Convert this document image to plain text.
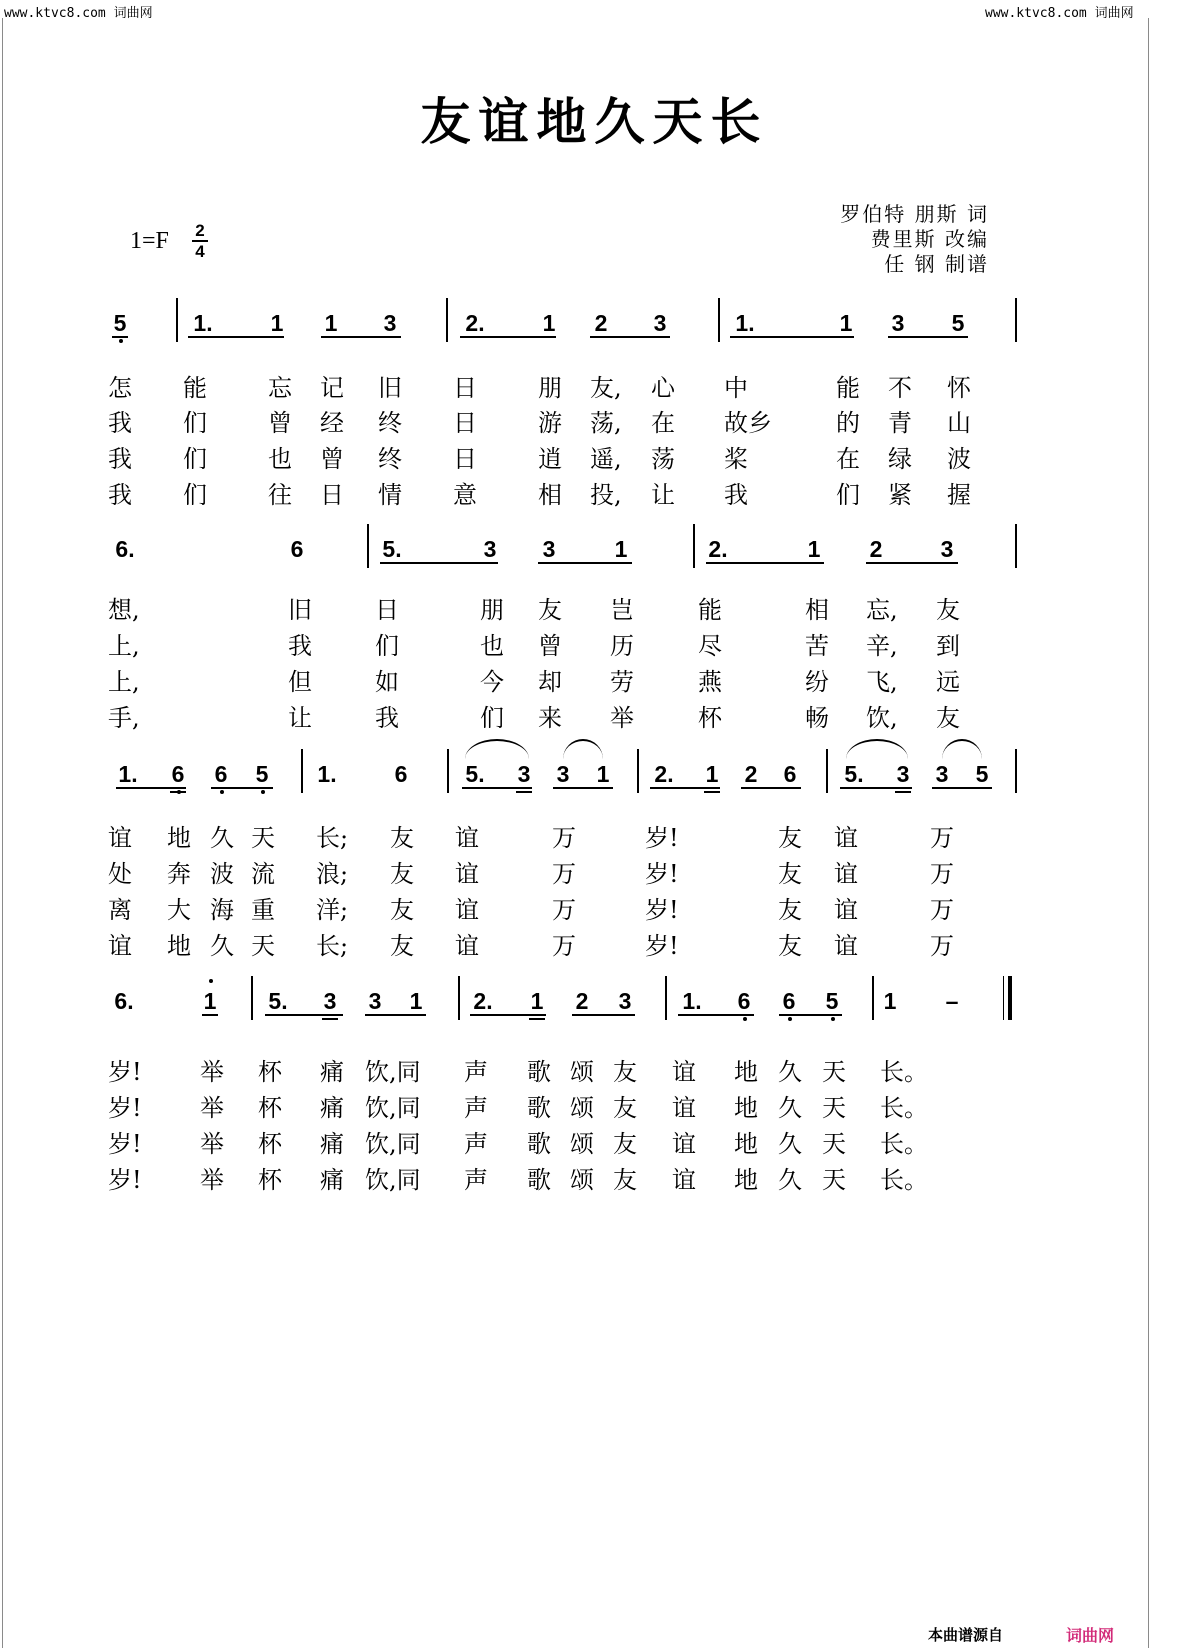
www.ktvc8.com 词曲网	www.ktvc8.com 词曲网
友谊地久天长
1=F	2
4
罗伯特 朋斯 词
费里斯 改编
任 钢 制谱
5	1.	1	1	3	2.	1	2	3	1.	1	3	5
怎 能	忘 记 旧 日	朋 友, 心 中	能 不 怀
我 们	曾 经 终 日	游 荡, 在 故乡	的 青 山
我 们	也 曾 终 日	逍 遥, 荡 桨	在 绿 波
我 们	往 日 情 意	相 投, 让 我	们 紧 握
6.	6	5.	3	3	1	2.	1	2	3
想,	旧	日	朋 友 岂	能	相 忘, 友
上,	我	们	也 曾 历	尽	苦 辛, 到
上,	但	如	今 却 劳	燕	纷 飞, 远
手,	让	我	们 来 举	杯	畅 饮, 友
1.	6	6	5	1.	6	5.	3	3	1	2.	1	2	6	5.	3	3	5
谊 地 久 天 长; 友 谊	万	岁!	友 谊	万
处 奔 波 流 浪; 友 谊	万	岁!	友 谊	万
离 大 海 重 洋; 友 谊	万	岁!	友 谊	万
谊 地 久 天 长; 友 谊	万	岁!	友 谊	万
6.	1	5.	3	3	1	2.	1	2	3	1.	6	6	5	1	–
岁! 举 杯 痛 饮,同 声 歌 颂 友 谊 地 久 天 长。
岁! 举 杯 痛 饮,同 声 歌 颂 友 谊 地 久 天 长。
岁! 举 杯 痛 饮,同 声 歌 颂 友 谊 地 久 天 长。
岁! 举 杯 痛 饮,同 声 歌 颂 友 谊 地 久 天 长。
本曲谱源自	词曲网
